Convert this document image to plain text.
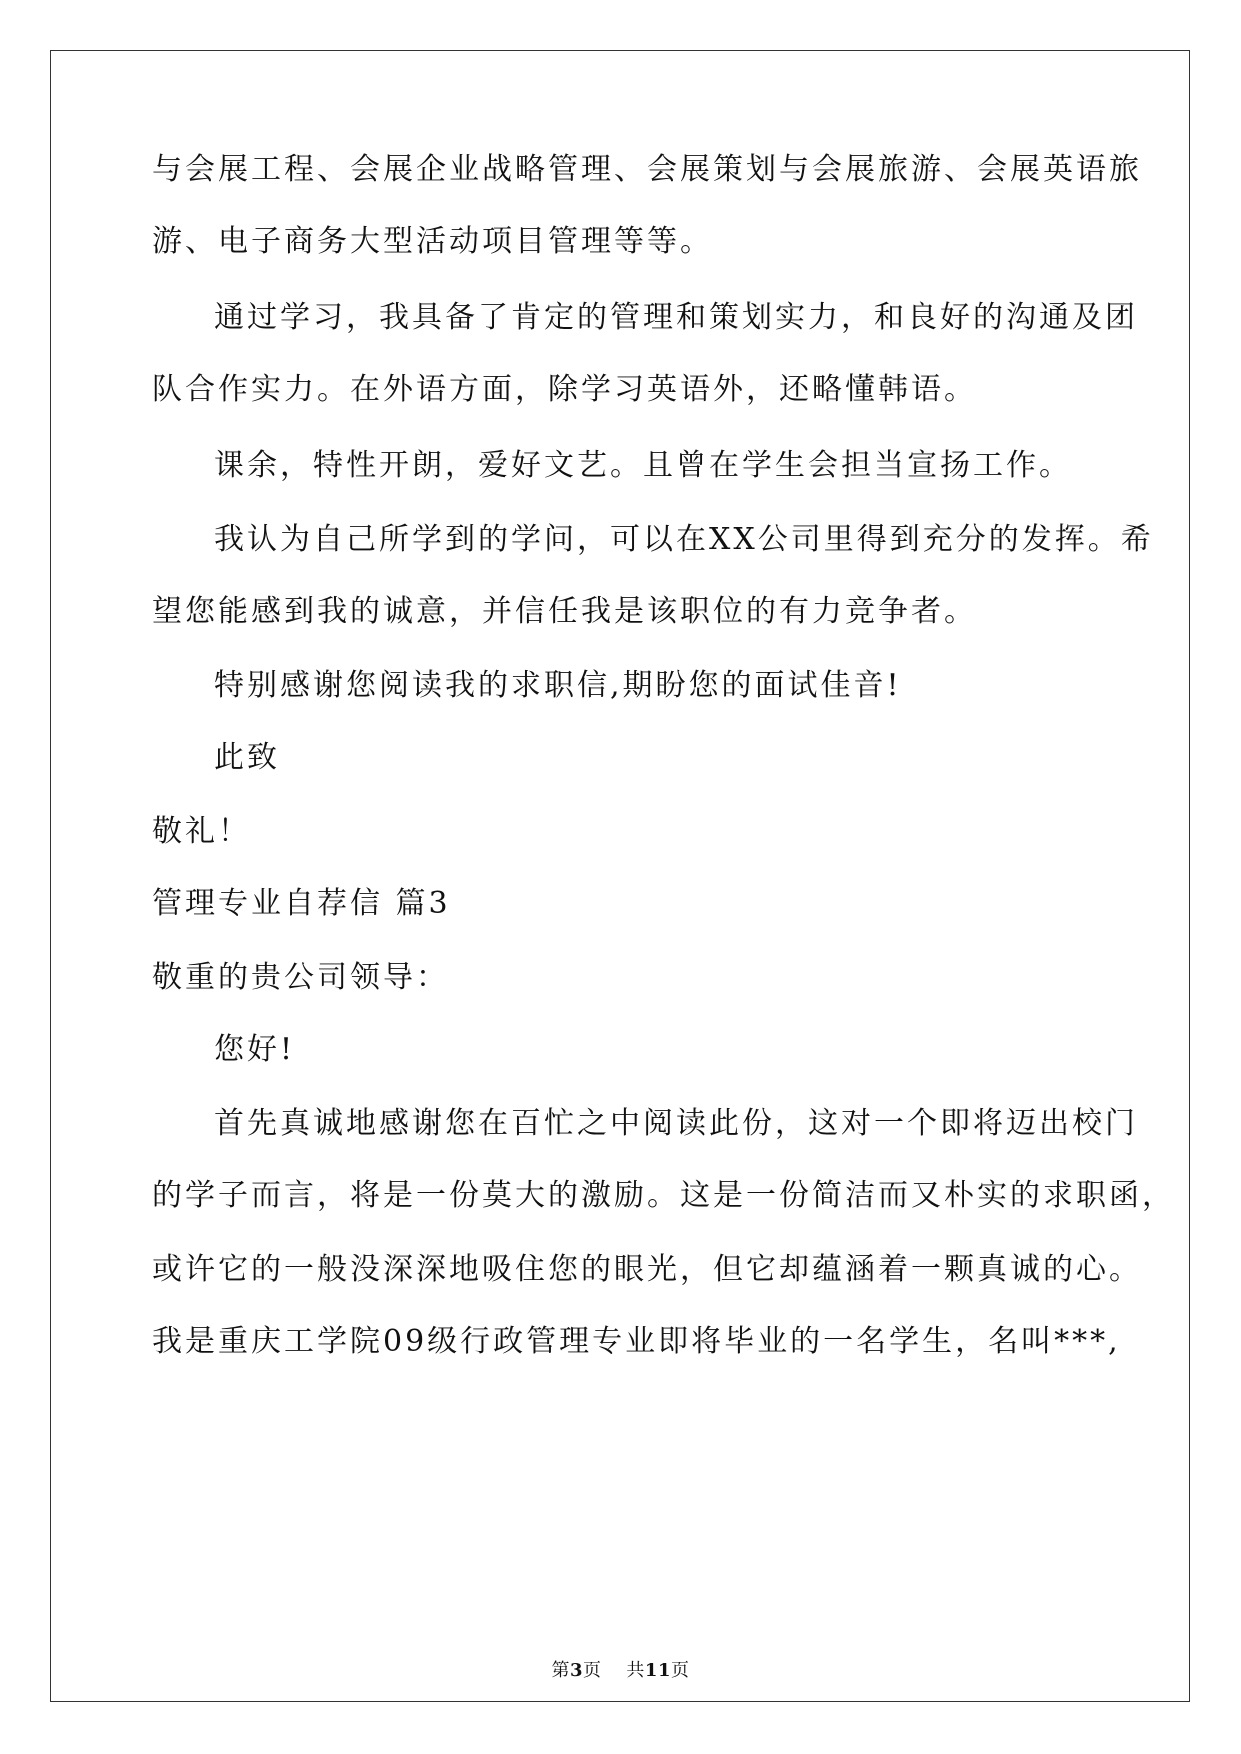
与会展工程、会展企业战略管理、会展策划与会展旅游、会展英语旅
游、电子商务大型活动项目管理等等。
通过学习，我具备了肯定的管理和策划实力，和良好的沟通及团
队合作实力。在外语方面，除学习英语外，还略懂韩语。
课余，特性开朗，爱好文艺。且曾在学生会担当宣扬工作。
我认为自己所学到的学问，可以在XX公司里得到充分的发挥。希
望您能感到我的诚意，并信任我是该职位的有力竞争者。
特别感谢您阅读我的求职信,期盼您的面试佳音!
此致
敬礼！
管理专业自荐信 篇3
敬重的贵公司领导：
您好!
首先真诚地感谢您在百忙之中阅读此份，这对一个即将迈出校门
的学子而言，将是一份莫大的激励。这是一份简洁而又朴实的求职函，
或许它的一般没深深地吸住您的眼光，但它却蕴涵着一颗真诚的心。
我是重庆工学院09级行政管理专业即将毕业的一名学生，名叫***,
第3页 共11页
